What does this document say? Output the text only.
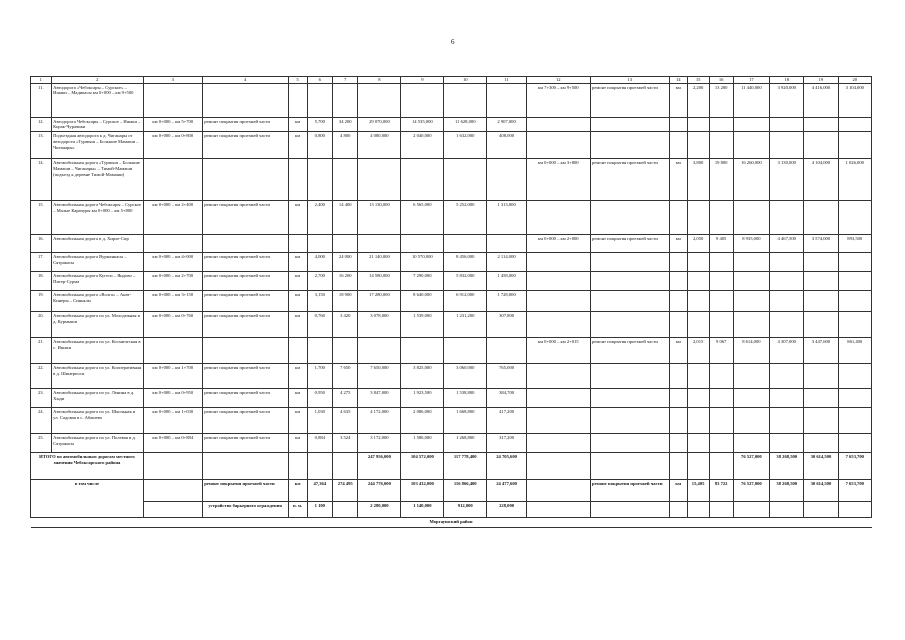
6
1	2	3	4	5	6	7	8	9	10	11	12	13	14	15	16	17	18	19	20
11.	Автодорога «Чебоксары – Сурское» – Ишаки – Мадикасы км 0+000 – км 9+500										км 7+300 – км 9+500	ремонт покрытия проезжей части	км	2,200	13 200	11 440,000	3 920,000	4 416,000	3 104,000
12.	Автодорога Чебоксары – Сурское – Ишаки – Корак-Чурачики	км 0+000 – км 5+700	ремонт покрытия проезжей части	км	5,700	34 200	29 070,000	14 535,000	11 628,000	2 907,000									
13.	Подъездная автодорога к д. Чиганары от автодороги «Турмыш – Большие Мамаши – Чиганары»	км 0+000 – км 0+800	ремонт покрытия проезжей части	км	0,800	4 800	4 080,000	2 040,000	1 632,000	408,000									
14.	Автомобильная дорога «Турмыш – Большие Мамаши – Чиганары» – Тимой-Мамаши (подъезд к деревне Тимой-Мамаши)										км 0+000 – км 3+800	ремонт покрытия проезжей части	км	3,800	19 800	16 260,000	3 130,000	4 104,000	1 026,000
15.	Автомобильная дорога Чебоксары – Сурское – Малые Карачуры км 0+000 – км 5+800	км 0+000 – км 2+400	ремонт покрытия проезжей части	км	2,400	14 400	13 130,000	6 565,000	5 252,000	1 313,000									
16.	Автомобильная дорога в д. Хирле-Сир										км 0+000 – км 2+000	ремонт покрытия проезжей части	км	2,050	9 405	8 935,000	4 467,500	3 574,000	893,500
17.	Автомобильная дорога Вурманкасы – Сятракасы	км 0+000 – км 4+000	ремонт покрытия проезжей части	км	4,000	24 000	21 140,000	10 570,000	8 456,000	2 114,000									
18.	Автомобильная дорога Кугеси – Яндово – Питер-Сурма	км 0+000 – км 2+700	ремонт покрытия проезжей части	км	2,700	16 200	14 580,000	7 290,000	5 832,000	1 458,000									
19.	Автомобильная дорога «Волга» – Анат-Кинеры – Синьялы	км 0+000 – км 3+150	ремонт покрытия проезжей части	км	3,150	18 900	17 280,000	8 640,000	6 912,000	1 728,000									
20.	Автомобильная дорога по ул. Молодежная в д. Курмыши	км 0+000 – км 0+760	ремонт покрытия проезжей части	км	0,760	3 420	3 078,000	1 539,000	1 231,200	307,800									
21.	Автомобильная дорога по ул. Космическая в с. Ишаки										км 0+000 – км 2+015	ремонт покрытия проезжей части	км	2,015	9 067	8 614,000	4 307,000	3 447,600	861,400
22.	Автомобильная дорога по ул. Кооперативная в д. Шинерпоси	км 0+000 – км 1+700	ремонт покрытия проезжей части	км	1,700	7 650	7 650,000	3 825,000	3 060,000	765,000									
23.	Автомобильная дорога по ул. Ленина в д. Хыди	км 0+000 – км 0+950	ремонт покрытия проезжей части	км	0,950	4 275	3 847,000	1 923,500	1 538,800	384,700									
24.	Автомобильная дорога по ул. Школьная и ул. Садовая в с. Абашево	км 0+000 – км 1+030	ремонт покрытия проезжей части	км	1,030	4 635	4 172,000	2 086,000	1 668,800	417,200									
25.	Автомобильная дорога по ул. Полевая в д. Сятракасы	км 0+000 – км 0+884	ремонт покрытия проезжей части	км	0,884	3 524	3 172,000	1 586,000	1 268,800	317,200									
ИТОГО по автомобильным дорогам местного значения Чебоксарского района							247 956,000	104 572,000	117 778,400	24 705,600						76 527,000	38 268,500	30 614,500	7 653,700
в том числе			ремонт покрытия проезжей части	км	47,364	274 495	244 776,000	103 432,000	116 866,400	24 477,600		ремонт покрытия проезжей части	км	15,405	83 722	76 527,000	38 268,500	30 614,500	7 653,700
			устройство барьерного ограждения	п. м.	1 100		2 280,000	1 140,000	912,000	228,000									
Моргаушский район																			
